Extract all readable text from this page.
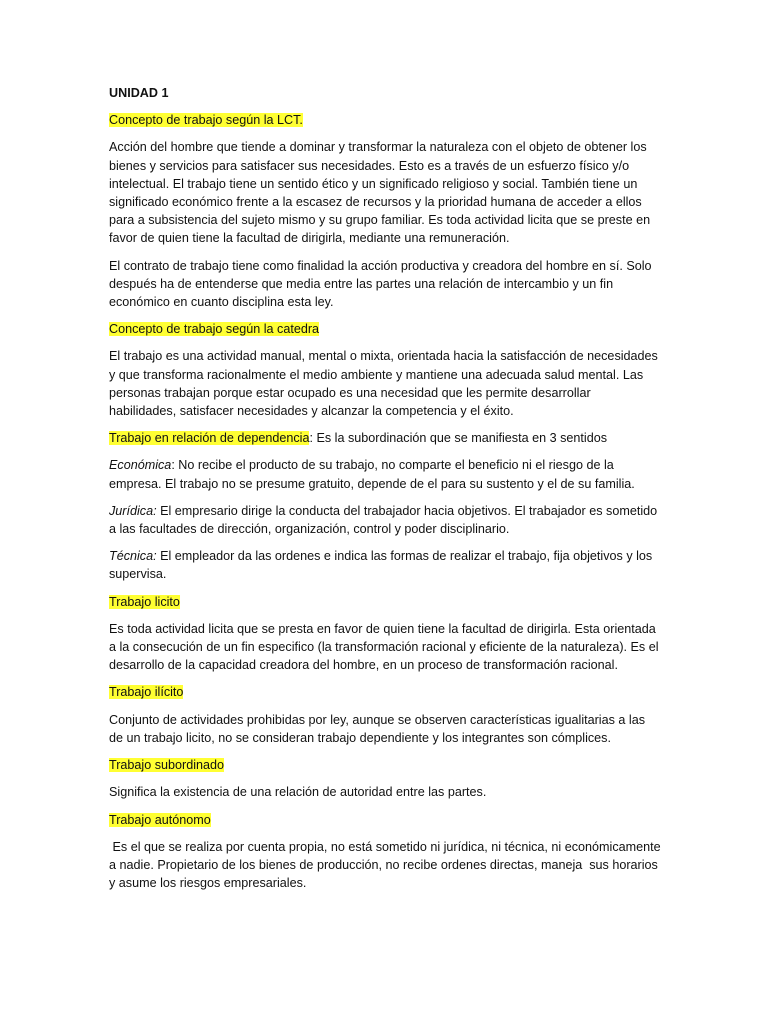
UNIDAD 1
Concepto de trabajo según la LCT.

Acción del hombre que tiende a dominar y transformar la naturaleza con el objeto de obtener los bienes y servicios para satisfacer sus necesidades. Esto es a través de un esfuerzo físico y/o intelectual. El trabajo tiene un sentido ético y un significado religioso y social. También tiene un significado económico frente a la escasez de recursos y la prioridad humana de acceder a ellos para a subsistencia del sujeto mismo y su grupo familiar. Es toda actividad licita que se preste en favor de quien tiene la facultad de dirigirla, mediante una remuneración.

El contrato de trabajo tiene como finalidad la acción productiva y creadora del hombre en sí. Solo después ha de entenderse que media entre las partes una relación de intercambio y un fin económico en cuanto disciplina esta ley.

Concepto de trabajo según la catedra

El trabajo es una actividad manual, mental o mixta, orientada hacia la satisfacción de necesidades y que transforma racionalmente el medio ambiente y mantiene una adecuada salud mental. Las personas trabajan porque estar ocupado es una necesidad que les permite desarrollar habilidades, satisfacer necesidades y alcanzar la competencia y el éxito.

Trabajo en relación de dependencia: Es la subordinación que se manifiesta en 3 sentidos

Económica: No recibe el producto de su trabajo, no comparte el beneficio ni el riesgo de la empresa. El trabajo no se presume gratuito, depende de el para su sustento y el de su familia.

Jurídica: El empresario dirige la conducta del trabajador hacia objetivos. El trabajador es sometido a las facultades de dirección, organización, control y poder disciplinario.

Técnica: El empleador da las ordenes e indica las formas de realizar el trabajo, fija objetivos y los supervisa.

Trabajo licito

Es toda actividad licita que se presta en favor de quien tiene la facultad de dirigirla. Esta orientada a la consecución de un fin especifico (la transformación racional y eficiente de la naturaleza). Es el desarrollo de la capacidad creadora del hombre, en un proceso de transformación racional.

Trabajo ilícito

Conjunto de actividades prohibidas por ley, aunque se observen características igualitarias a las de un trabajo licito, no se consideran trabajo dependiente y los integrantes son cómplices.

Trabajo subordinado

Significa la existencia de una relación de autoridad entre las partes.

Trabajo autónomo

Es el que se realiza por cuenta propia, no está sometido ni jurídica, ni técnica, ni económicamente a nadie. Propietario de los bienes de producción, no recibe ordenes directas, maneja  sus horarios y asume los riesgos empresariales.
